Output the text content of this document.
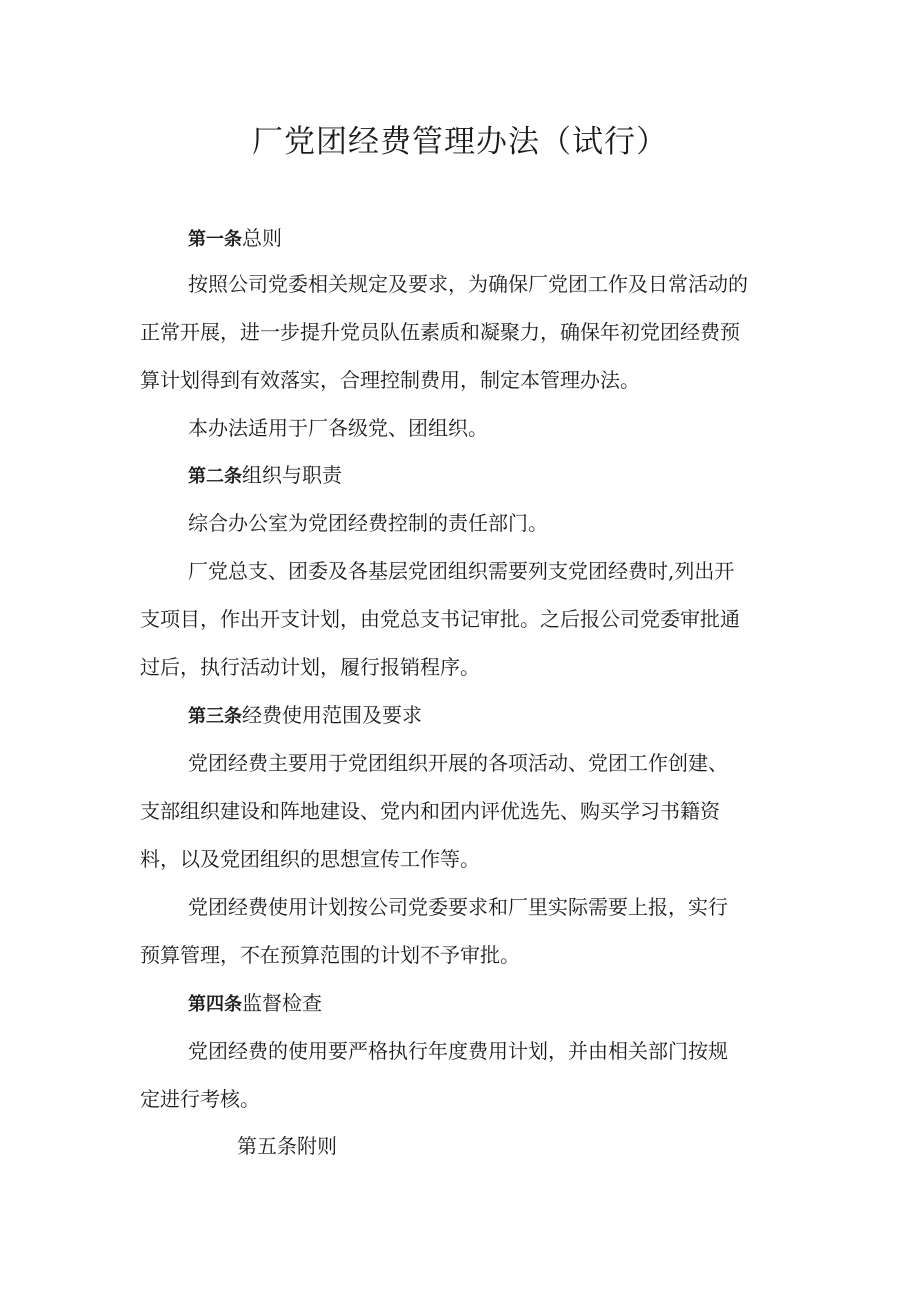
厂党团经费管理办法（试行）

第一条总则

按照公司党委相关规定及要求，为确保厂党团工作及日常活动的

正常开展，进一步提升党员队伍素质和凝聚力，确保年初党团经费预

算计划得到有效落实，合理控制费用，制定本管理办法。

本办法适用于厂各级党、团组织。

第二条组织与职责

综合办公室为党团经费控制的责任部门。

厂党总支、团委及各基层党团组织需要列支党团经费时,列出开

支项目，作出开支计划，由党总支书记审批。之后报公司党委审批通

过后，执行活动计划，履行报销程序。

第三条经费使用范围及要求

党团经费主要用于党团组织开展的各项活动、党团工作创建、

支部组织建设和阵地建设、党内和团内评优选先、购买学习书籍资

料，以及党团组织的思想宣传工作等。

党团经费使用计划按公司党委要求和厂里实际需要上报，实行

预算管理，不在预算范围的计划不予审批。

第四条监督检查

党团经费的使用要严格执行年度费用计划，并由相关部门按规

定进行考核。

第五条附则
